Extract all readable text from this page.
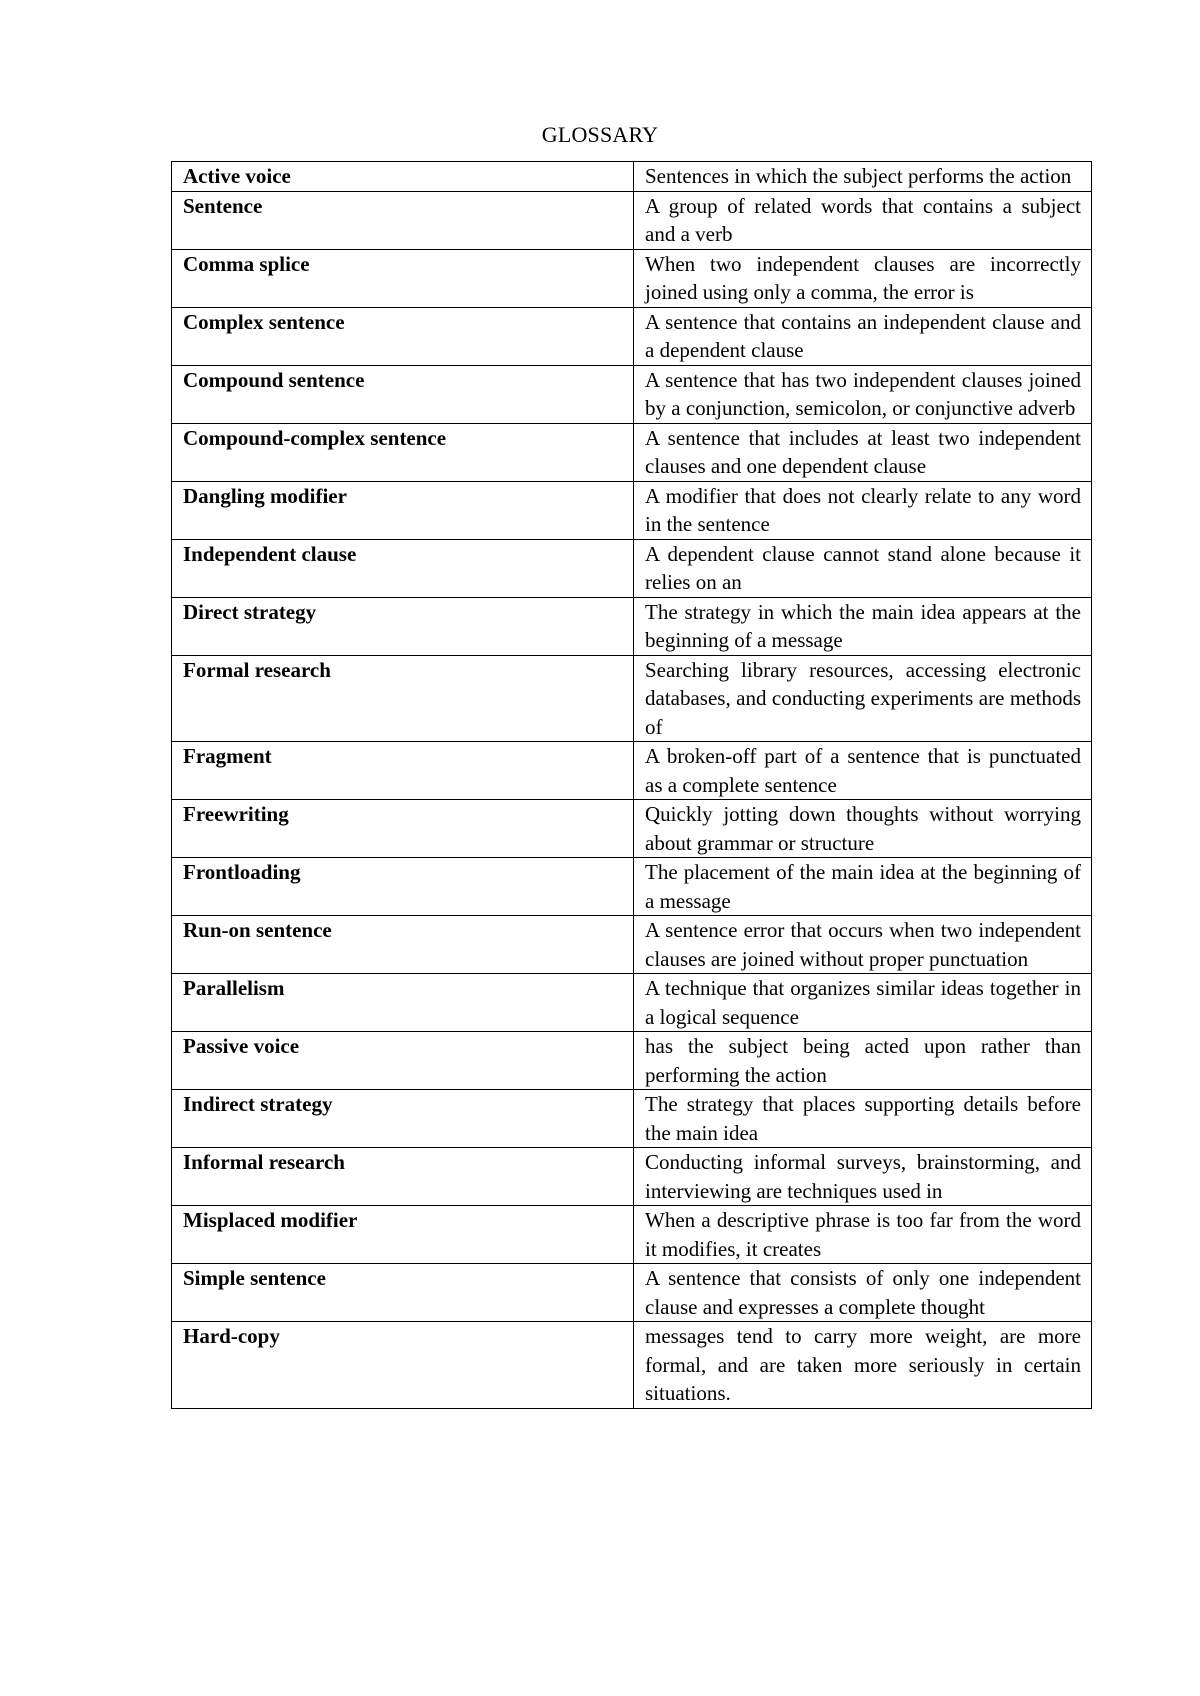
GLOSSARY
Active voice	Sentences in which the subject performs the action
Sentence	A group of related words that contains a subject and a verb
Comma splice	When two independent clauses are incorrectly joined using only a comma, the error is
Complex sentence	A sentence that contains an independent clause and a dependent clause
Compound sentence	A sentence that has two independent clauses joined by a conjunction, semicolon, or conjunctive adverb
Compound-complex sentence	A sentence that includes at least two independent clauses and one dependent clause
Dangling modifier	A modifier that does not clearly relate to any word in the sentence
Independent clause	A dependent clause cannot stand alone because it relies on an
Direct strategy	The strategy in which the main idea appears at the beginning of a message
Formal research	Searching library resources, accessing electronic databases, and conducting experiments are methods of
Fragment	A broken-off part of a sentence that is punctuated as a complete sentence
Freewriting	Quickly jotting down thoughts without worrying about grammar or structure
Frontloading	The placement of the main idea at the beginning of a message
Run-on sentence	A sentence error that occurs when two independent clauses are joined without proper punctuation
Parallelism	A technique that organizes similar ideas together in a logical sequence
Passive voice	has the subject being acted upon rather than performing the action
Indirect strategy	The strategy that places supporting details before the main idea
Informal research	Conducting informal surveys, brainstorming, and interviewing are techniques used in
Misplaced modifier	When a descriptive phrase is too far from the word it modifies, it creates
Simple sentence	A sentence that consists of only one independent clause and expresses a complete thought
Hard-copy	messages tend to carry more weight, are more formal, and are taken more seriously in certain situations.
